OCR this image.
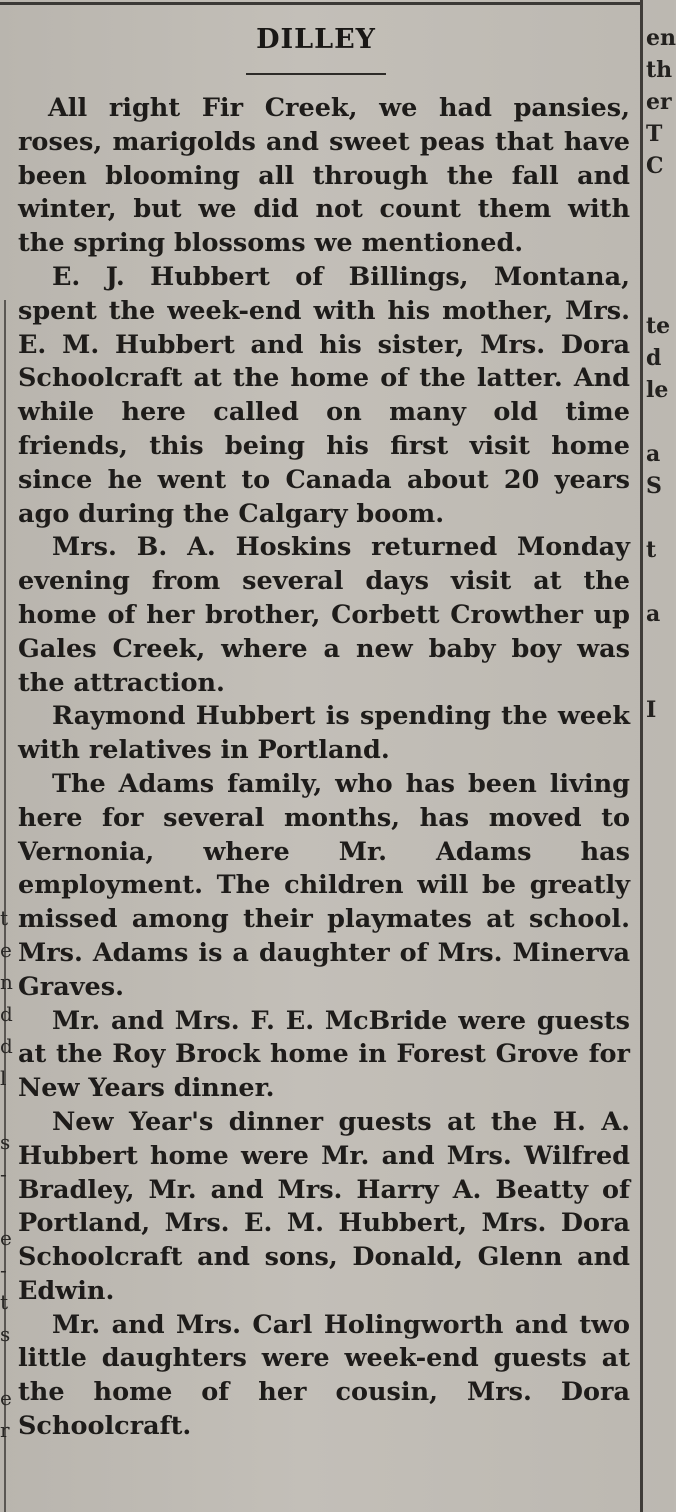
en
th
er
T
C
te
d
le
a
S
t
a
I
t
e
n
d
d
l
s
-
e
-
t
s
e
r
DILLEY

All right Fir Creek, we had pansies, roses, marigolds and sweet peas that have been blooming all through the fall and winter, but we did not count them with the spring blossoms we mentioned.

E. J. Hubbert of Billings, Montana, spent the week-end with his mother, Mrs. E. M. Hubbert and his sister, Mrs. Dora Schoolcraft at the home of the latter. And while here called on many old time friends, this being his first visit home since he went to Canada about 20 years ago during the Calgary boom.

Mrs. B. A. Hoskins returned Monday evening from several days visit at the home of her brother, Corbett Crowther up Gales Creek, where a new baby boy was the attraction.

Raymond Hubbert is spending the week with relatives in Portland.

The Adams family, who has been living here for several months, has moved to Vernonia, where Mr. Adams has employment. The children will be greatly missed among their playmates at school. Mrs. Adams is a daughter of Mrs. Minerva Graves.

Mr. and Mrs. F. E. McBride were guests at the Roy Brock home in Forest Grove for New Years dinner.

New Year's dinner guests at the H. A. Hubbert home were Mr. and Mrs. Wilfred Bradley, Mr. and Mrs. Harry A. Beatty of Portland, Mrs. E. M. Hubbert, Mrs. Dora Schoolcraft and sons, Donald, Glenn and Edwin.

Mr. and Mrs. Carl Holingworth and two little daughters were week-end guests at the home of her cousin, Mrs. Dora Schoolcraft.
